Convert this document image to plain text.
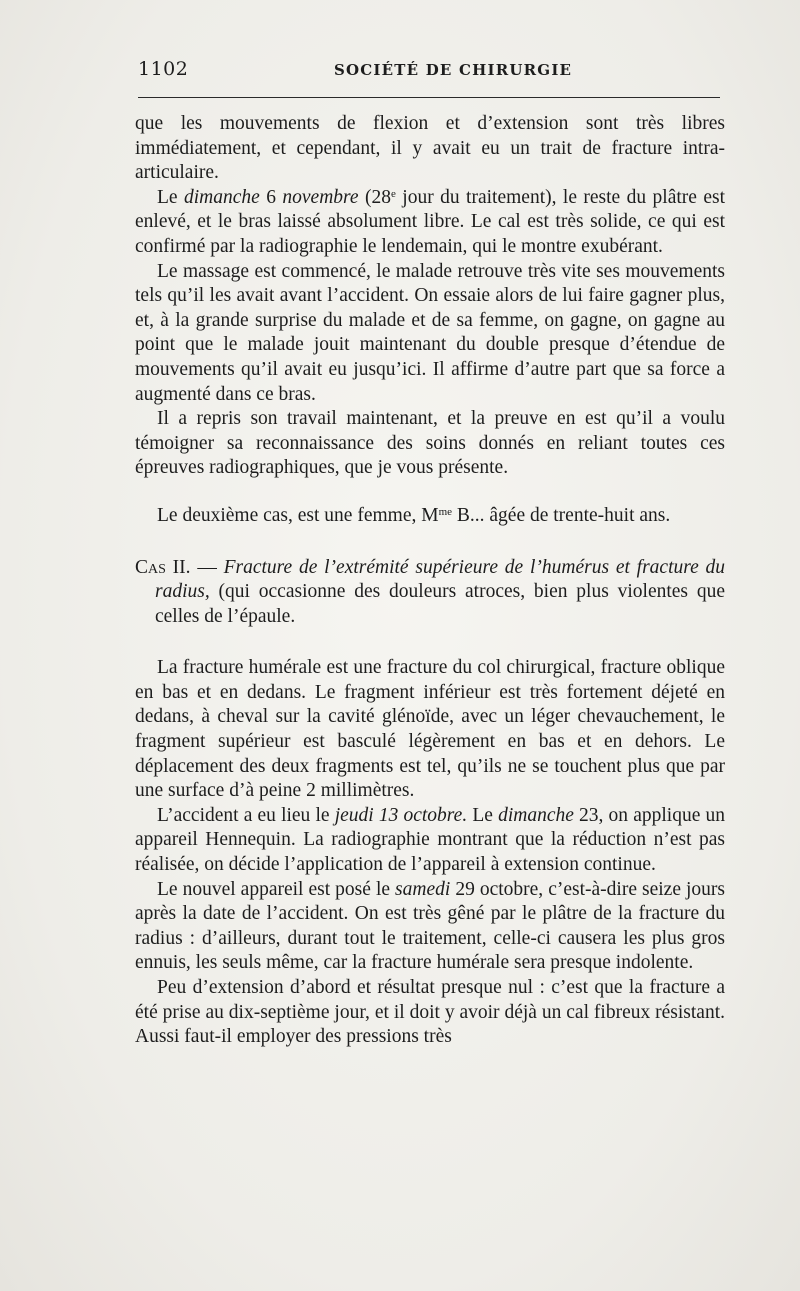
1102	SOCIÉTÉ DE CHIRURGIE

que les mouvements de flexion et d’extension sont très libres immédiatement, et cependant, il y avait eu un trait de fracture intra-articulaire.

Le dimanche 6 novembre (28e jour du traitement), le reste du plâtre est enlevé, et le bras laissé absolument libre. Le cal est très solide, ce qui est confirmé par la radiographie le lendemain, qui le montre exubérant.

Le massage est commencé, le malade retrouve très vite ses mouvements tels qu’il les avait avant l’accident. On essaie alors de lui faire gagner plus, et, à la grande surprise du malade et de sa femme, on gagne, on gagne au point que le malade jouit maintenant du double presque d’étendue de mouvements qu’il avait eu jusqu’ici. Il affirme d’autre part que sa force a augmenté dans ce bras.

Il a repris son travail maintenant, et la preuve en est qu’il a voulu témoigner sa reconnaissance des soins donnés en reliant toutes ces épreuves radiographiques, que je vous présente.

Le deuxième cas, est une femme, $M^{me}$ B... âgée de trente-huit ans.

Cas II. — Fracture de l’extrémité supérieure de l’humérus et fracture du radius, (qui occasionne des douleurs atroces, bien plus violentes que celles de l’épaule.

La fracture humérale est une fracture du col chirurgical, fracture oblique en bas et en dedans. Le fragment inférieur est très fortement déjeté en dedans, à cheval sur la cavité glénoïde, avec un léger chevauchement, le fragment supérieur est basculé légèrement en bas et en dehors. Le déplacement des deux fragments est tel, qu’ils ne se touchent plus que par une surface d’à peine 2 millimètres.

L’accident a eu lieu le jeudi 13 octobre. Le dimanche 23, on applique un appareil Hennequin. La radiographie montrant que la réduction n’est pas réalisée, on décide l’application de l’appareil à extension continue.

Le nouvel appareil est posé le samedi 29 octobre, c’est-à-dire seize jours après la date de l’accident. On est très gêné par le plâtre de la fracture du radius : d’ailleurs, durant tout le traitement, celle-ci causera les plus gros ennuis, les seuls même, car la fracture humérale sera presque indolente.

Peu d’extension d’abord et résultat presque nul : c’est que la fracture a été prise au dix-septième jour, et il doit y avoir déjà un cal fibreux résistant. Aussi faut-il employer des pressions très
